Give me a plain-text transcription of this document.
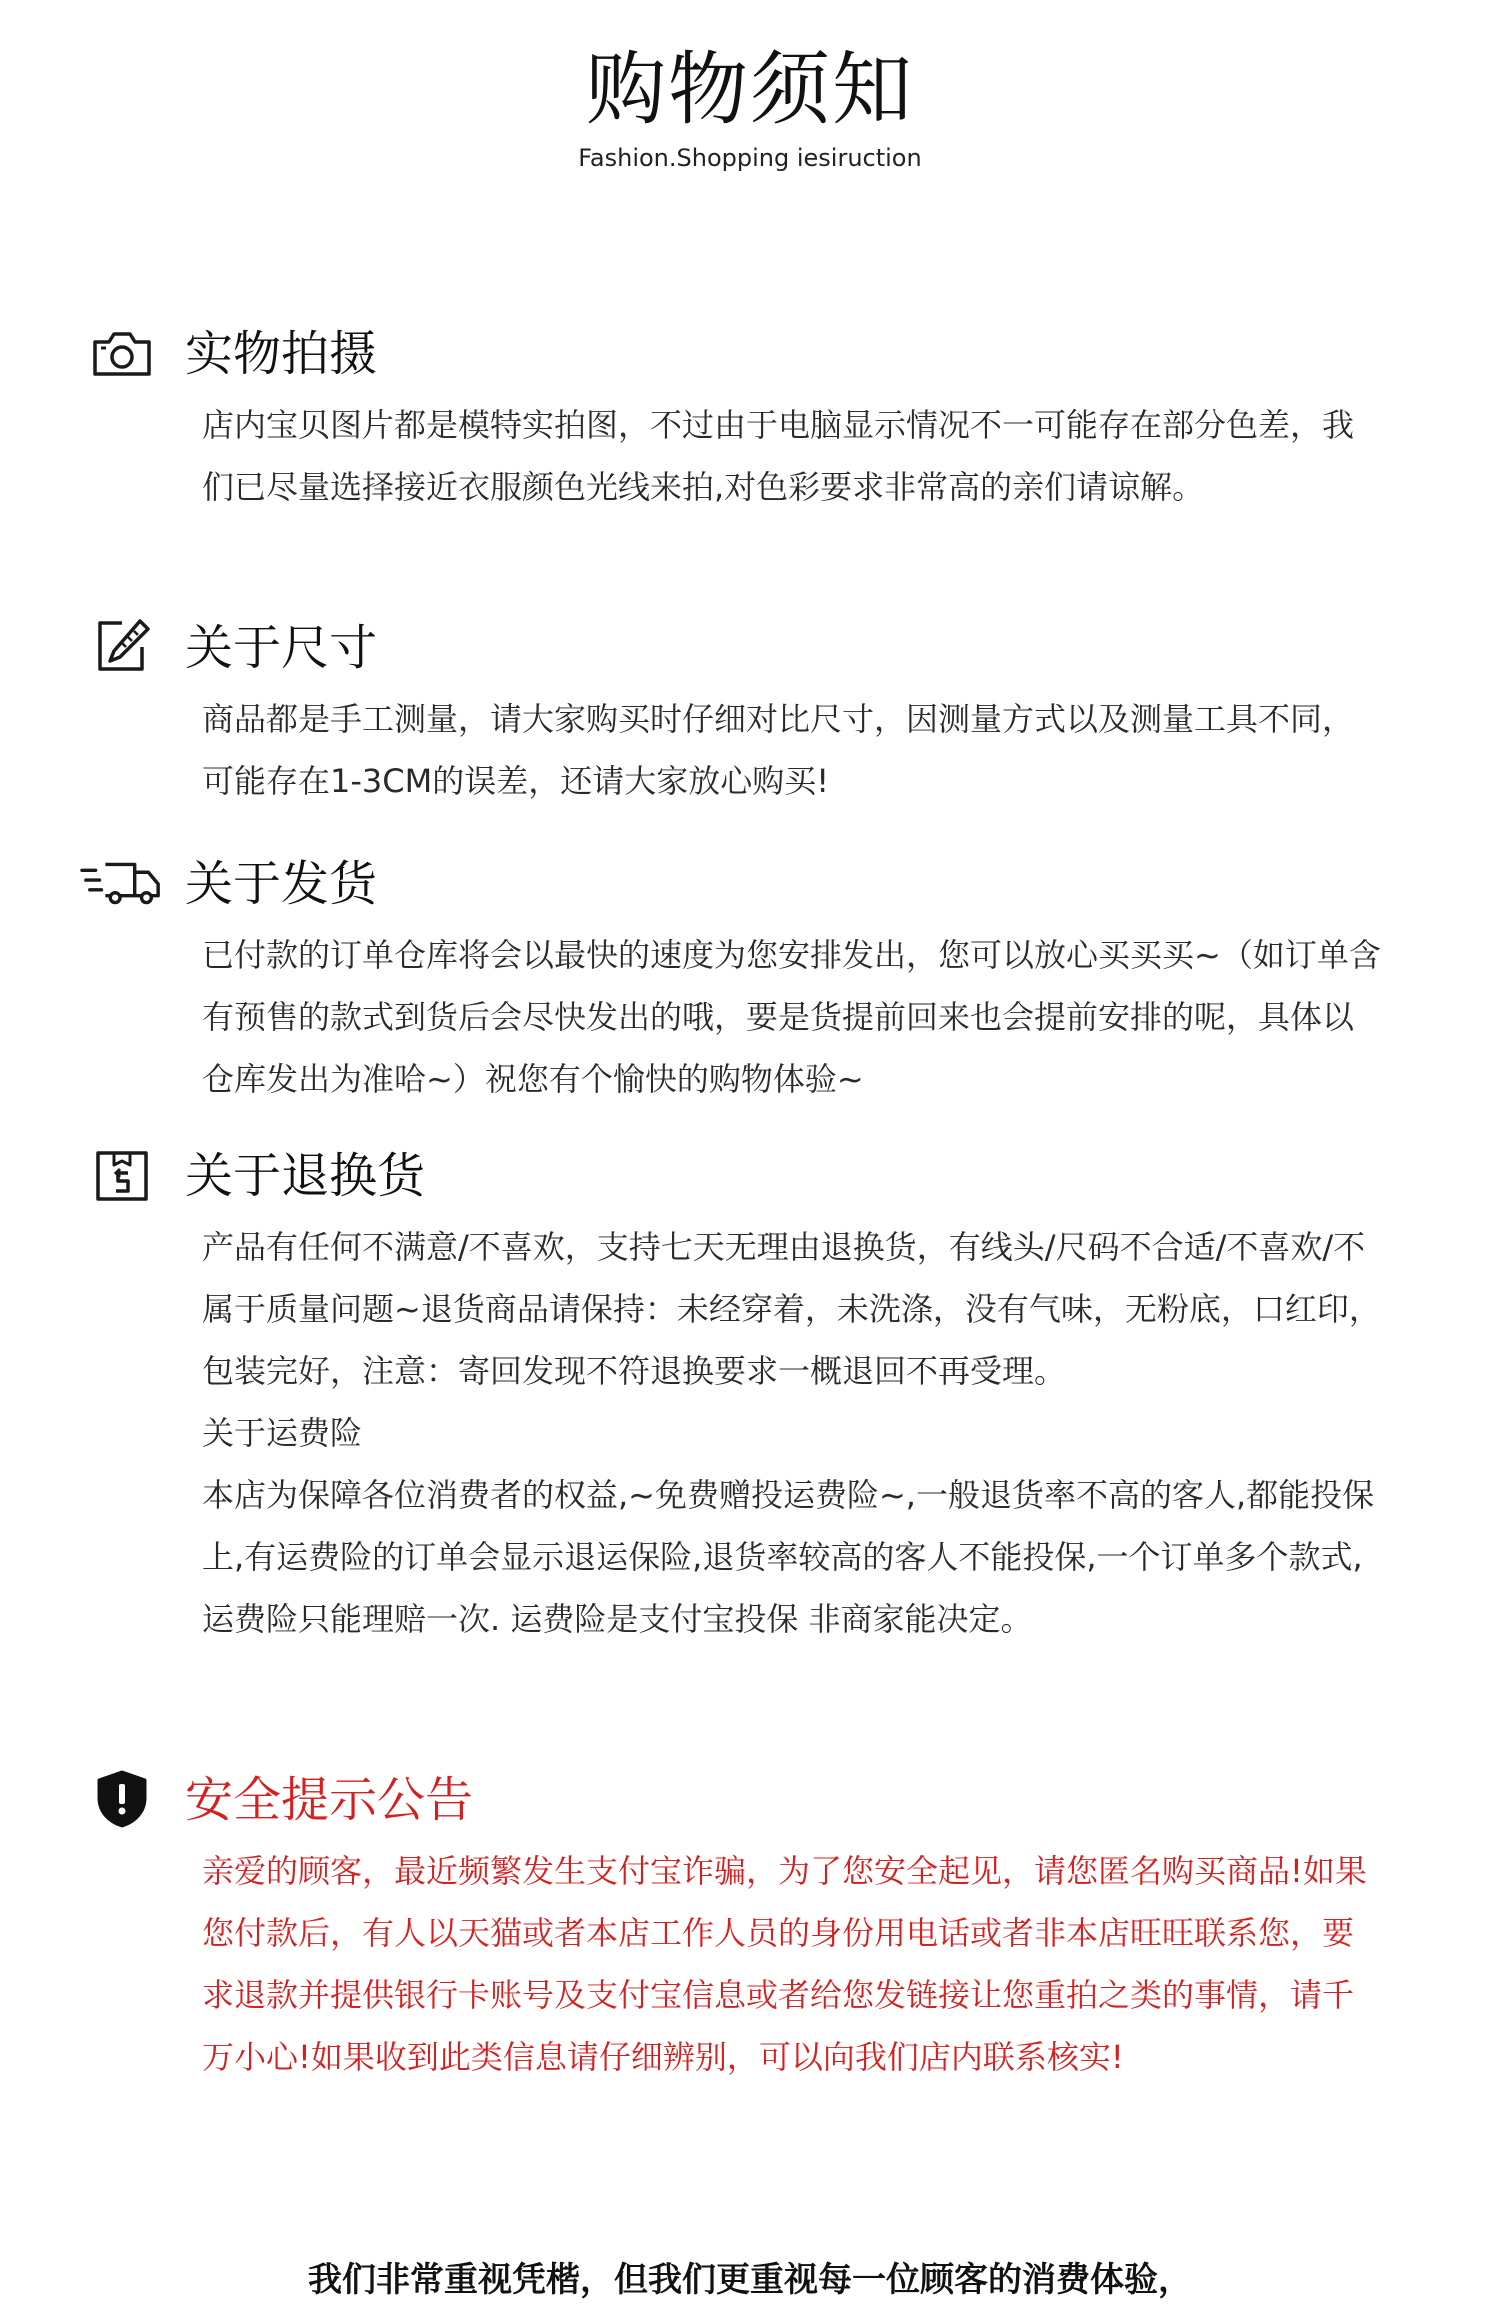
购物须知
Fashion.Shopping iesiruction
实物拍摄

店内宝贝图片都是模特实拍图，不过由于电脑显示情况不一可能存在部分色差，我们已尽量选择接近衣服颜色光线来拍,对色彩要求非常高的亲们请谅解。

关于尺寸

商品都是手工测量，请大家购买时仔细对比尺寸，因测量方式以及测量工具不同，可能存在1-3CM的误差，还请大家放心购买!

关于发货

已付款的订单仓库将会以最快的速度为您安排发出，您可以放心买买买~（如订单含有预售的款式到货后会尽快发出的哦，要是货提前回来也会提前安排的呢，具体以仓库发出为准哈~）祝您有个愉快的购物体验~

关于退换货

产品有任何不满意/不喜欢，支持七天无理由退换货，有线头/尺码不合适/不喜欢/不属于质量问题~退货商品请保持：未经穿着，未洗涤，没有气味，无粉底，口红印，包装完好，注意：寄回发现不符退换要求一概退回不再受理。

关于运费险

本店为保障各位消费者的权益,~免费赠投运费险~,一般退货率不高的客人,都能投保上,有运费险的订单会显示退运保险,退货率较高的客人不能投保,一个订单多个款式,运费险只能理赔一次. 运费险是支付宝投保 非商家能决定。

安全提示公告

亲爱的顾客，最近频繁发生支付宝诈骗，为了您安全起见，请您匿名购买商品!如果您付款后，有人以天猫或者本店工作人员的身份用电话或者非本店旺旺联系您，要求退款并提供银行卡账号及支付宝信息或者给您发链接让您重拍之类的事情，请千万小心!如果收到此类信息请仔细辨别，可以向我们店内联系核实!

我们非常重视凭楷，但我们更重视每一位顾客的消费体验，
